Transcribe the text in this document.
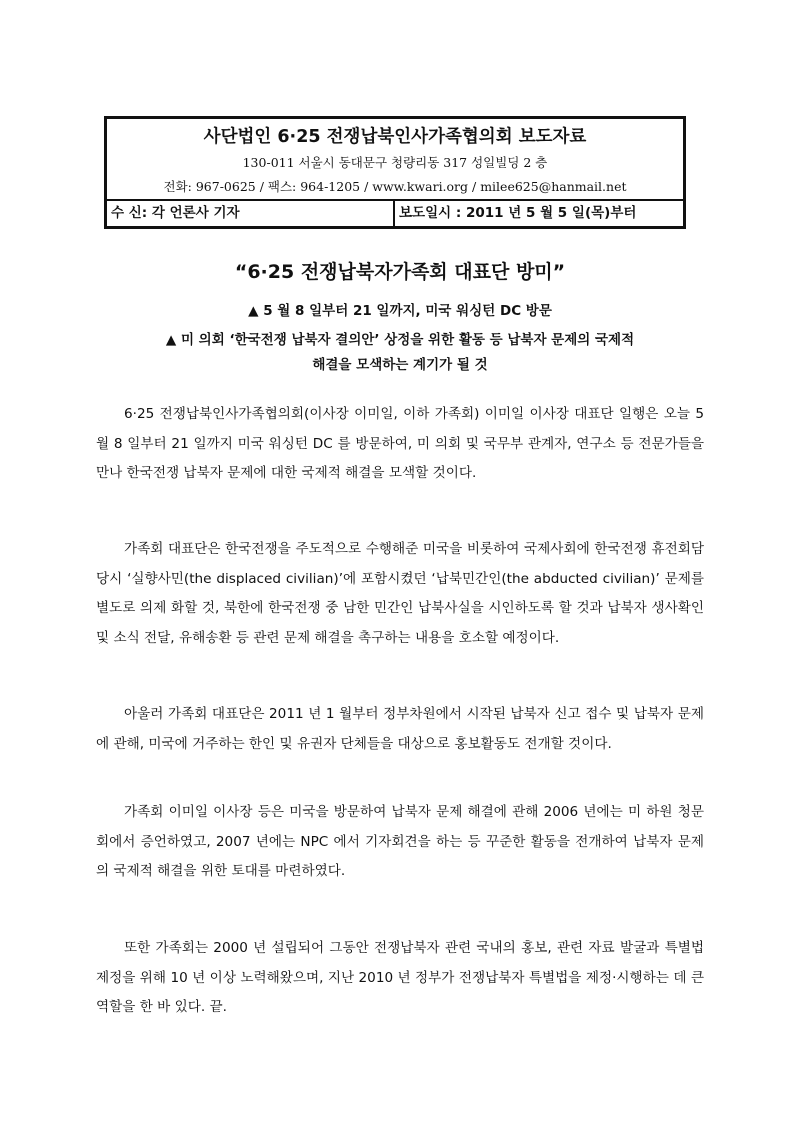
사단법인 6·25 전쟁납북인사가족협의회 보도자료
130-011 서울시 동대문구 청량리동 317 성일빌딩 2 층
전화: 967-0625 / 팩스: 964-1205 / www.kwari.org / milee625@hanmail.net
수 신: 각 언론사 기자	보도일시 : 2011 년 5 월 5 일(목)부터
“6·25 전쟁납북자가족회 대표단 방미”
▲ 5 월 8 일부터 21 일까지, 미국 워싱턴 DC 방문
▲ 미 의회 ‘한국전쟁 납북자 결의안’ 상정을 위한 활동 등 납북자 문제의 국제적
해결을 모색하는 계기가 될 것

6·25 전쟁납북인사가족협의회(이사장 이미일, 이하 가족회) 이미일 이사장 대표단 일행은 오늘 5 월 8 일부터 21 일까지 미국 워싱턴 DC 를 방문하여, 미 의회 및 국무부 관계자, 연구소 등 전문가들을 만나 한국전쟁 납북자 문제에 대한 국제적 해결을 모색할 것이다.

가족회 대표단은 한국전쟁을 주도적으로 수행해준 미국을 비롯하여 국제사회에 한국전쟁 휴전회담 당시 ‘실향사민(the displaced civilian)’에 포함시켰던 ‘납북민간인(the abducted civilian)’ 문제를 별도로 의제 화할 것, 북한에 한국전쟁 중 남한 민간인 납북사실을 시인하도록 할 것과 납북자 생사확인 및 소식 전달, 유해송환 등 관련 문제 해결을 촉구하는 내용을 호소할 예정이다.

아울러 가족회 대표단은 2011 년 1 월부터 정부차원에서 시작된 납북자 신고 접수 및 납북자 문제에 관해, 미국에 거주하는 한인 및 유권자 단체들을 대상으로 홍보활동도 전개할 것이다.

가족회 이미일 이사장 등은 미국을 방문하여 납북자 문제 해결에 관해 2006 년에는 미 하원 청문회에서 증언하였고, 2007 년에는 NPC 에서 기자회견을 하는 등 꾸준한 활동을 전개하여 납북자 문제의 국제적 해결을 위한 토대를 마련하였다.

또한 가족회는 2000 년 설립되어 그동안 전쟁납북자 관련 국내의 홍보, 관련 자료 발굴과 특별법 제정을 위해 10 년 이상 노력해왔으며, 지난 2010 년 정부가 전쟁납북자 특별법을 제정·시행하는 데 큰 역할을 한 바 있다. 끝.
